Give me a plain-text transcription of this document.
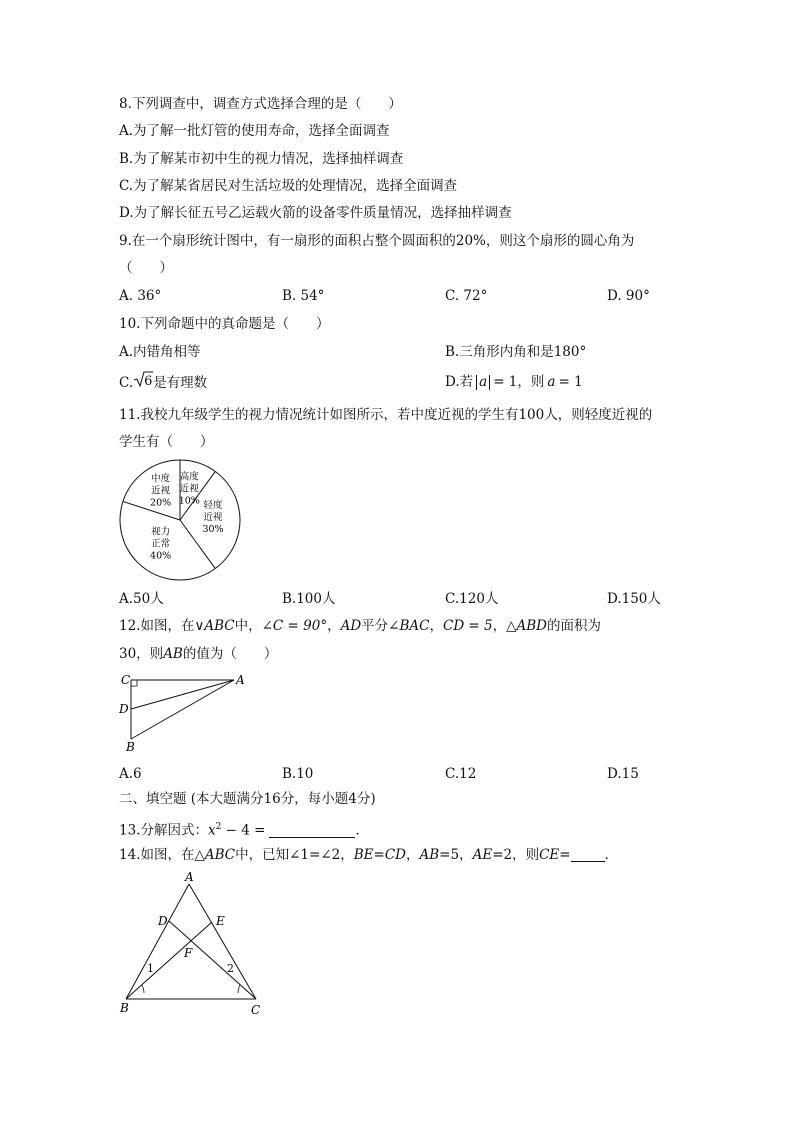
8.下列调查中，调查方式选择合理的是（　　）
A.为了解一批灯管的使用寿命，选择全面调查
B.为了解某市初中生的视力情况，选择抽样调查
C.为了解某省居民对生活垃圾的处理情况，选择全面调查
D.为了解长征五号乙运载火箭的设备零件质量情况，选择抽样调查
9.在一个扇形统计图中，有一扇形的面积占整个圆面积的20%，则这个扇形的圆心角为
（　　）
A. 36°	B. 54°	C. 72°	D. 90°
10.下列命题中的真命题是（　　）
A.内错角相等	B.三角形内角和是180°
C. 6 是有理数	D.若 a = 1，则 a = 1
11.我校九年级学生的视力情况统计如图所示，若中度近视的学生有100人，则轻度近视的
学生有（　　）
高度近视 10% 轻度近视 30%
视力正常 40%
中度近视 20%
A.50人	B.100人	C.120人	D.150人
12.如图，在∨ABC中，∠C = 90°，AD平分∠BAC，CD = 5，△ABD的面积为
30，则AB的值为（　　）
C	A
D
B
A.6	B.10	C.12	D.15
二、填空题 (本大题满分16分，每小题4分)
13.分解因式：$x^2 - 4$ =	．
14.如图，在△ABC中，已知∠1=∠2，BE=CD，AB=5，AE=2，则CE=	．
A
D	E
F
1	2
B	C
